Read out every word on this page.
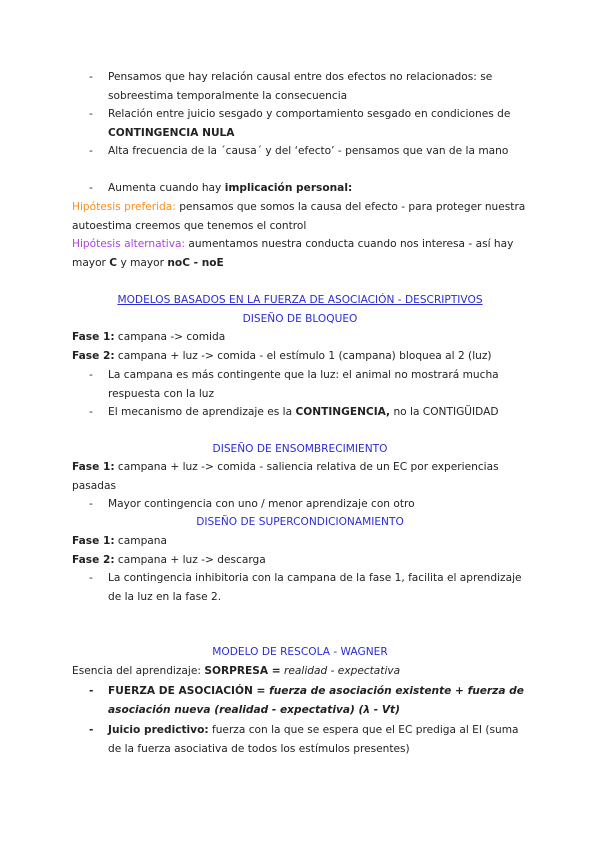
-	Pensamos que hay relación causal entre dos efectos no relacionados: se sobreestima temporalmente la consecuencia
-	Relación entre juicio sesgado y comportamiento sesgado en condiciones de CONTINGENCIA NULA
-	Alta frecuencia de la ´causa´ y del ‘efecto’ - pensamos que van de la mano
-	Aumenta cuando hay implicación personal:

Hipótesis preferida: pensamos que somos la causa del efecto - para proteger nuestra autoestima creemos que tenemos el control

Hipótesis alternativa: aumentamos nuestra conducta cuando nos interesa - así hay mayor C y mayor noC - noE

MODELOS BASADOS EN LA FUERZA DE ASOCIACIÓN - DESCRIPTIVOS
DISEÑO DE BLOQUEO

Fase 1: campana -> comida

Fase 2: campana + luz -> comida - el estímulo 1 (campana) bloquea al 2 (luz)

-	La campana es más contingente que la luz: el animal no mostrará mucha respuesta con la luz
-	El mecanismo de aprendizaje es la CONTINGENCIA, no la CONTIGÜIDAD
DISEÑO DE ENSOMBRECIMIENTO

Fase 1: campana + luz -> comida - saliencia relativa de un EC por experiencias pasadas

-	Mayor contingencia con uno / menor aprendizaje con otro
DISEÑO DE SUPERCONDICIONAMIENTO

Fase 1: campana

Fase 2: campana + luz -> descarga

-	La contingencia inhibitoria con la campana de la fase 1, facilita el aprendizaje de la luz en la fase 2.
MODELO DE RESCOLA - WAGNER

Esencia del aprendizaje: SORPRESA = realidad - expectativa

-	FUERZA DE ASOCIACIÓN = fuerza de asociación existente + fuerza de asociación nueva (realidad - expectativa) (λ - Vt)
-	Juicio predictivo: fuerza con la que se espera que el EC prediga al EI (suma de la fuerza asociativa de todos los estímulos presentes)
